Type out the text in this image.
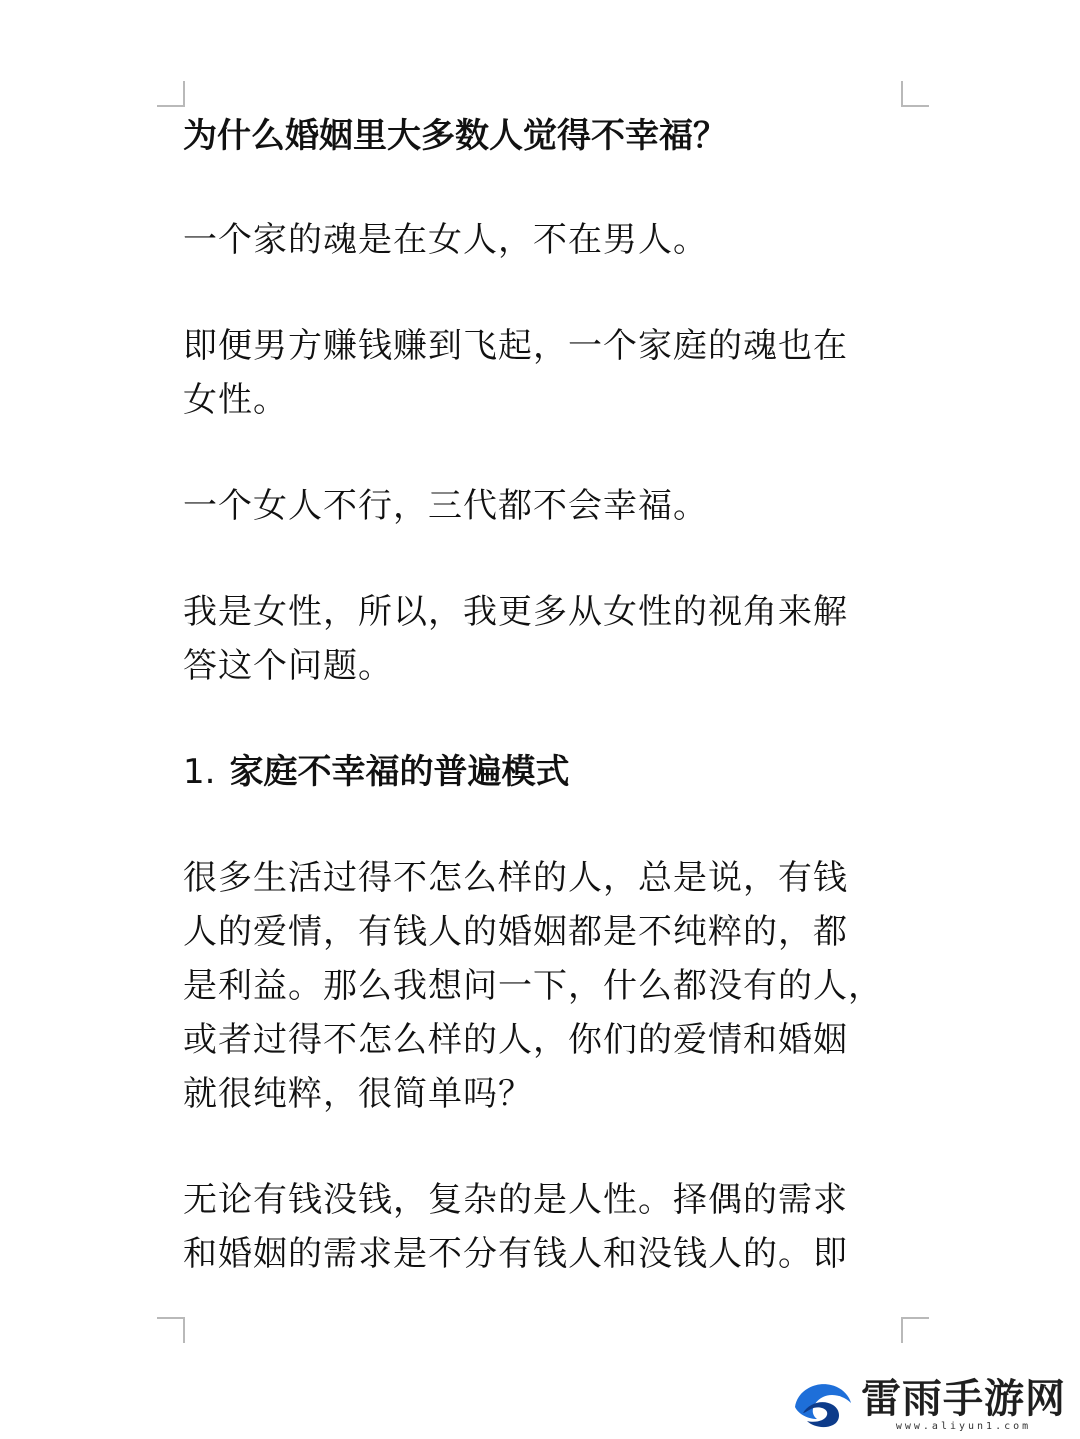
为什么婚姻里大多数人觉得不幸福？
一个家的魂是在女人，不在男人。
即便男方赚钱赚到飞起，一个家庭的魂也在
女性。
一个女人不行，三代都不会幸福。
我是女性，所以，我更多从女性的视角来解
答这个问题。
1. 家庭不幸福的普遍模式
很多生活过得不怎么样的人，总是说，有钱
人的爱情，有钱人的婚姻都是不纯粹的，都
是利益。那么我想问一下，什么都没有的人，
或者过得不怎么样的人，你们的爱情和婚姻
就很纯粹，很简单吗？
无论有钱没钱，复杂的是人性。择偶的需求
和婚姻的需求是不分有钱人和没钱人的。即
雷雨手游网
www.aliyun1.com
